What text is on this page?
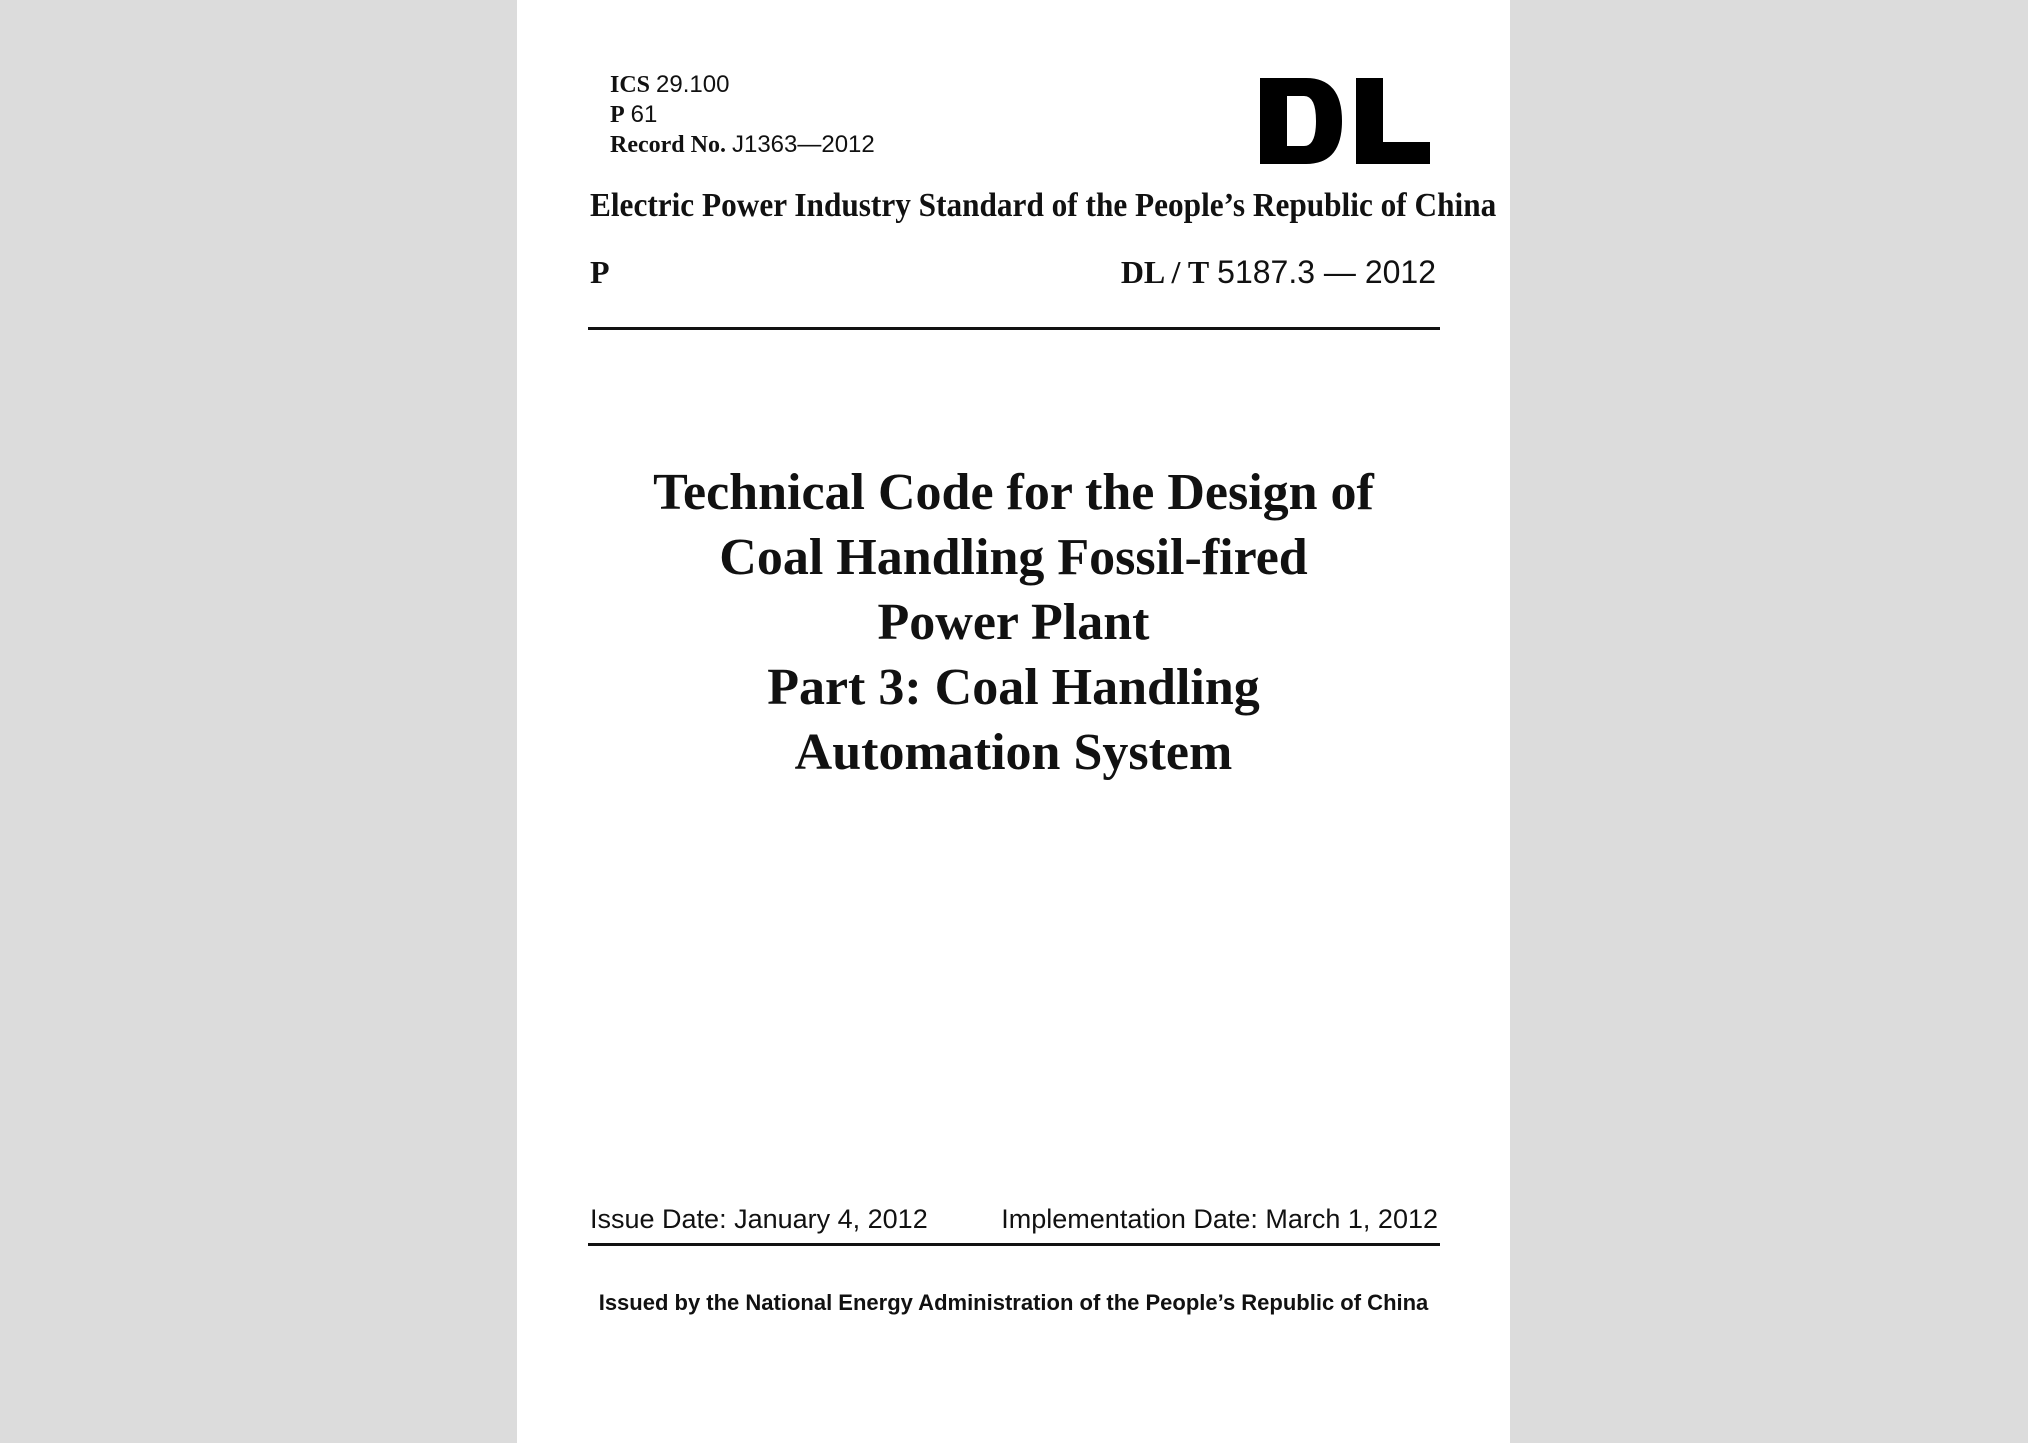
ICS 29.100
P 61
Record No. J1363—2012
Electric Power Industry Standard of the People’s Republic of China
P	DL / T 5187.3 — 2012
Technical Code for the Design of
Coal Handling Fossil-fired
Power Plant
Part 3: Coal Handling
Automation System
Issue Date: January 4, 2012	Implementation Date: March 1, 2012
Issued by the National Energy Administration of the People’s Republic of China
